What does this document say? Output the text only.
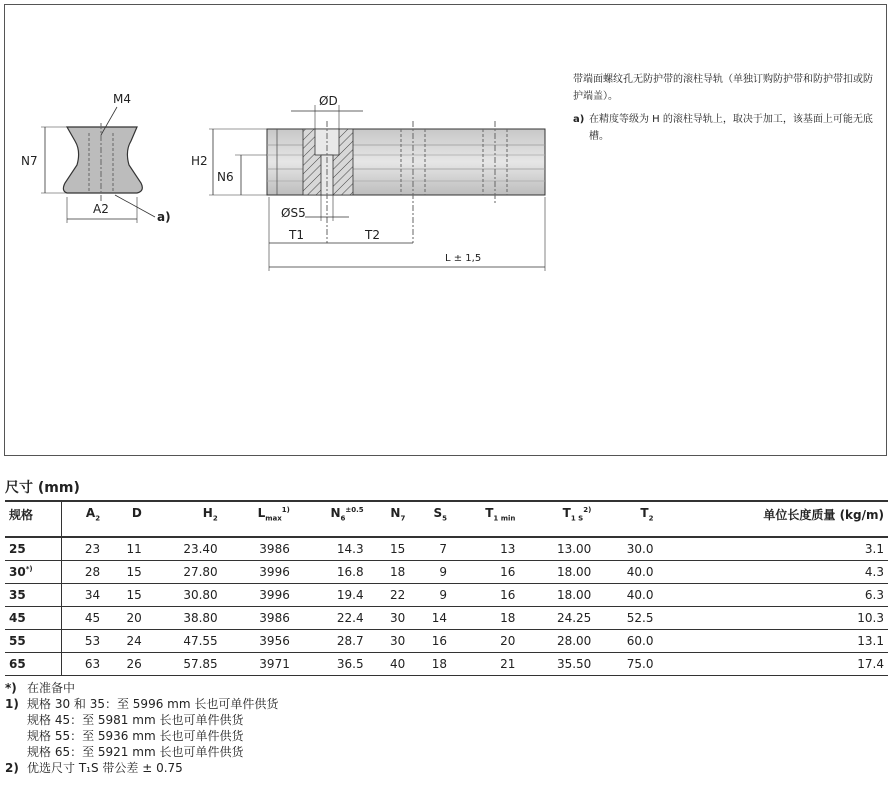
M4
N7
A2
a)
ØD
H2
N6
ØS5
T1	T2
L ± 1,5
带端面螺纹孔无防护带的滚柱导轨（单独订购防护带和防护带扣或防护端盖）。
a) 在精度等级为 H 的滚柱导轨上，取决于加工，该基面上可能无底槽。
尺寸 (mm)
规格	$A_2$	D	$H_2$	$L_{max}^{1)}$	$N_6^{\pm 0.5}$	$N_7$	$S_5$	$T_{1 min}$	$T_{1 S}^{2)}$	$T_2$	单位长度质量 (kg/m)
25	23	11	23.40	3986	14.3	15	7	13	13.00	30.0	3.1
30*)	28	15	27.80	3996	16.8	18	9	16	18.00	40.0	4.3
35	34	15	30.80	3996	19.4	22	9	16	18.00	40.0	6.3
45	45	20	38.80	3986	22.4	30	14	18	24.25	52.5	10.3
55	53	24	47.55	3956	28.7	30	16	20	28.00	60.0	13.1
65	63	26	57.85	3971	36.5	40	18	21	35.50	75.0	17.4
*) 在准备中
1) 规格 30 和 35：至 5996 mm 长也可单件供货
规格 45：至 5981 mm 长也可单件供货
规格 55：至 5936 mm 长也可单件供货
规格 65：至 5921 mm 长也可单件供货
2) 优选尺寸 T₁S 带公差 ± 0.75
